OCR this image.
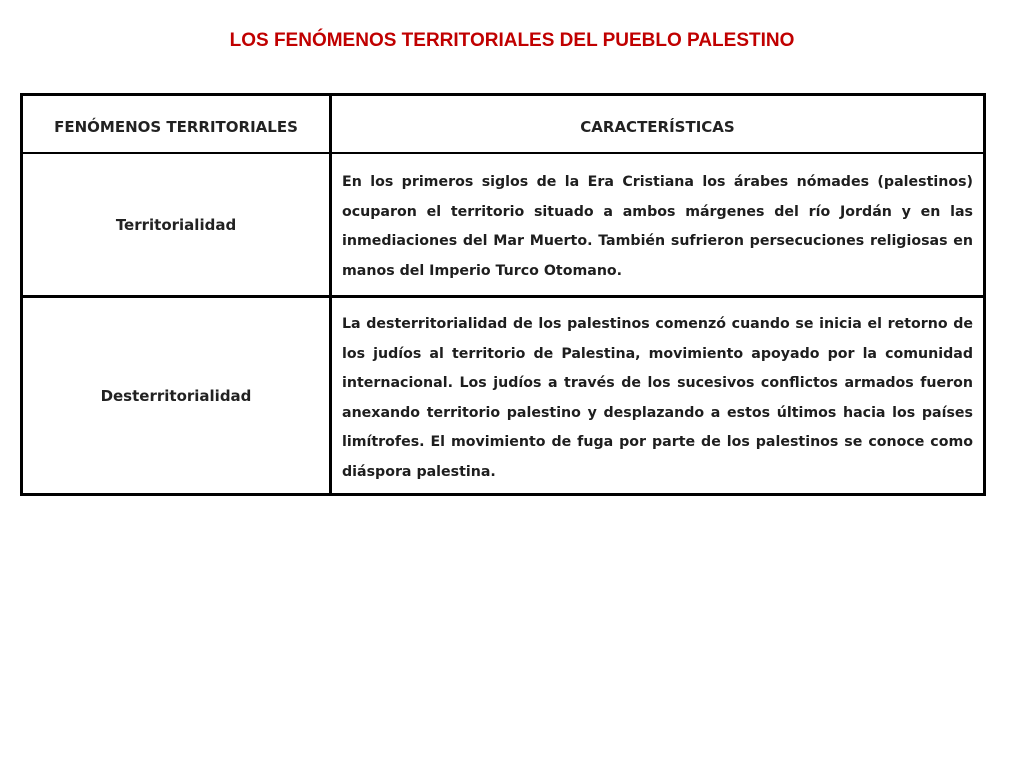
LOS FENÓMENOS TERRITORIALES DEL PUEBLO PALESTINO
FENÓMENOS TERRITORIALES	CARACTERÍSTICAS
Territorialidad
En los primeros siglos de la Era Cristiana los árabes nómades (palestinos) ocuparon el territorio situado a ambos márgenes del río Jordán y en las inmediaciones del Mar Muerto. También sufrieron persecuciones religiosas en manos del Imperio Turco Otomano.
Desterritorialidad
La desterritorialidad de los palestinos comenzó cuando se inicia el retorno de los judíos al territorio de Palestina, movimiento apoyado por la comunidad internacional. Los judíos a través de los sucesivos conflictos armados fueron anexando territorio palestino y desplazando a estos últimos hacia los países limítrofes. El movimiento de fuga por parte de los palestinos se conoce como diáspora palestina.
